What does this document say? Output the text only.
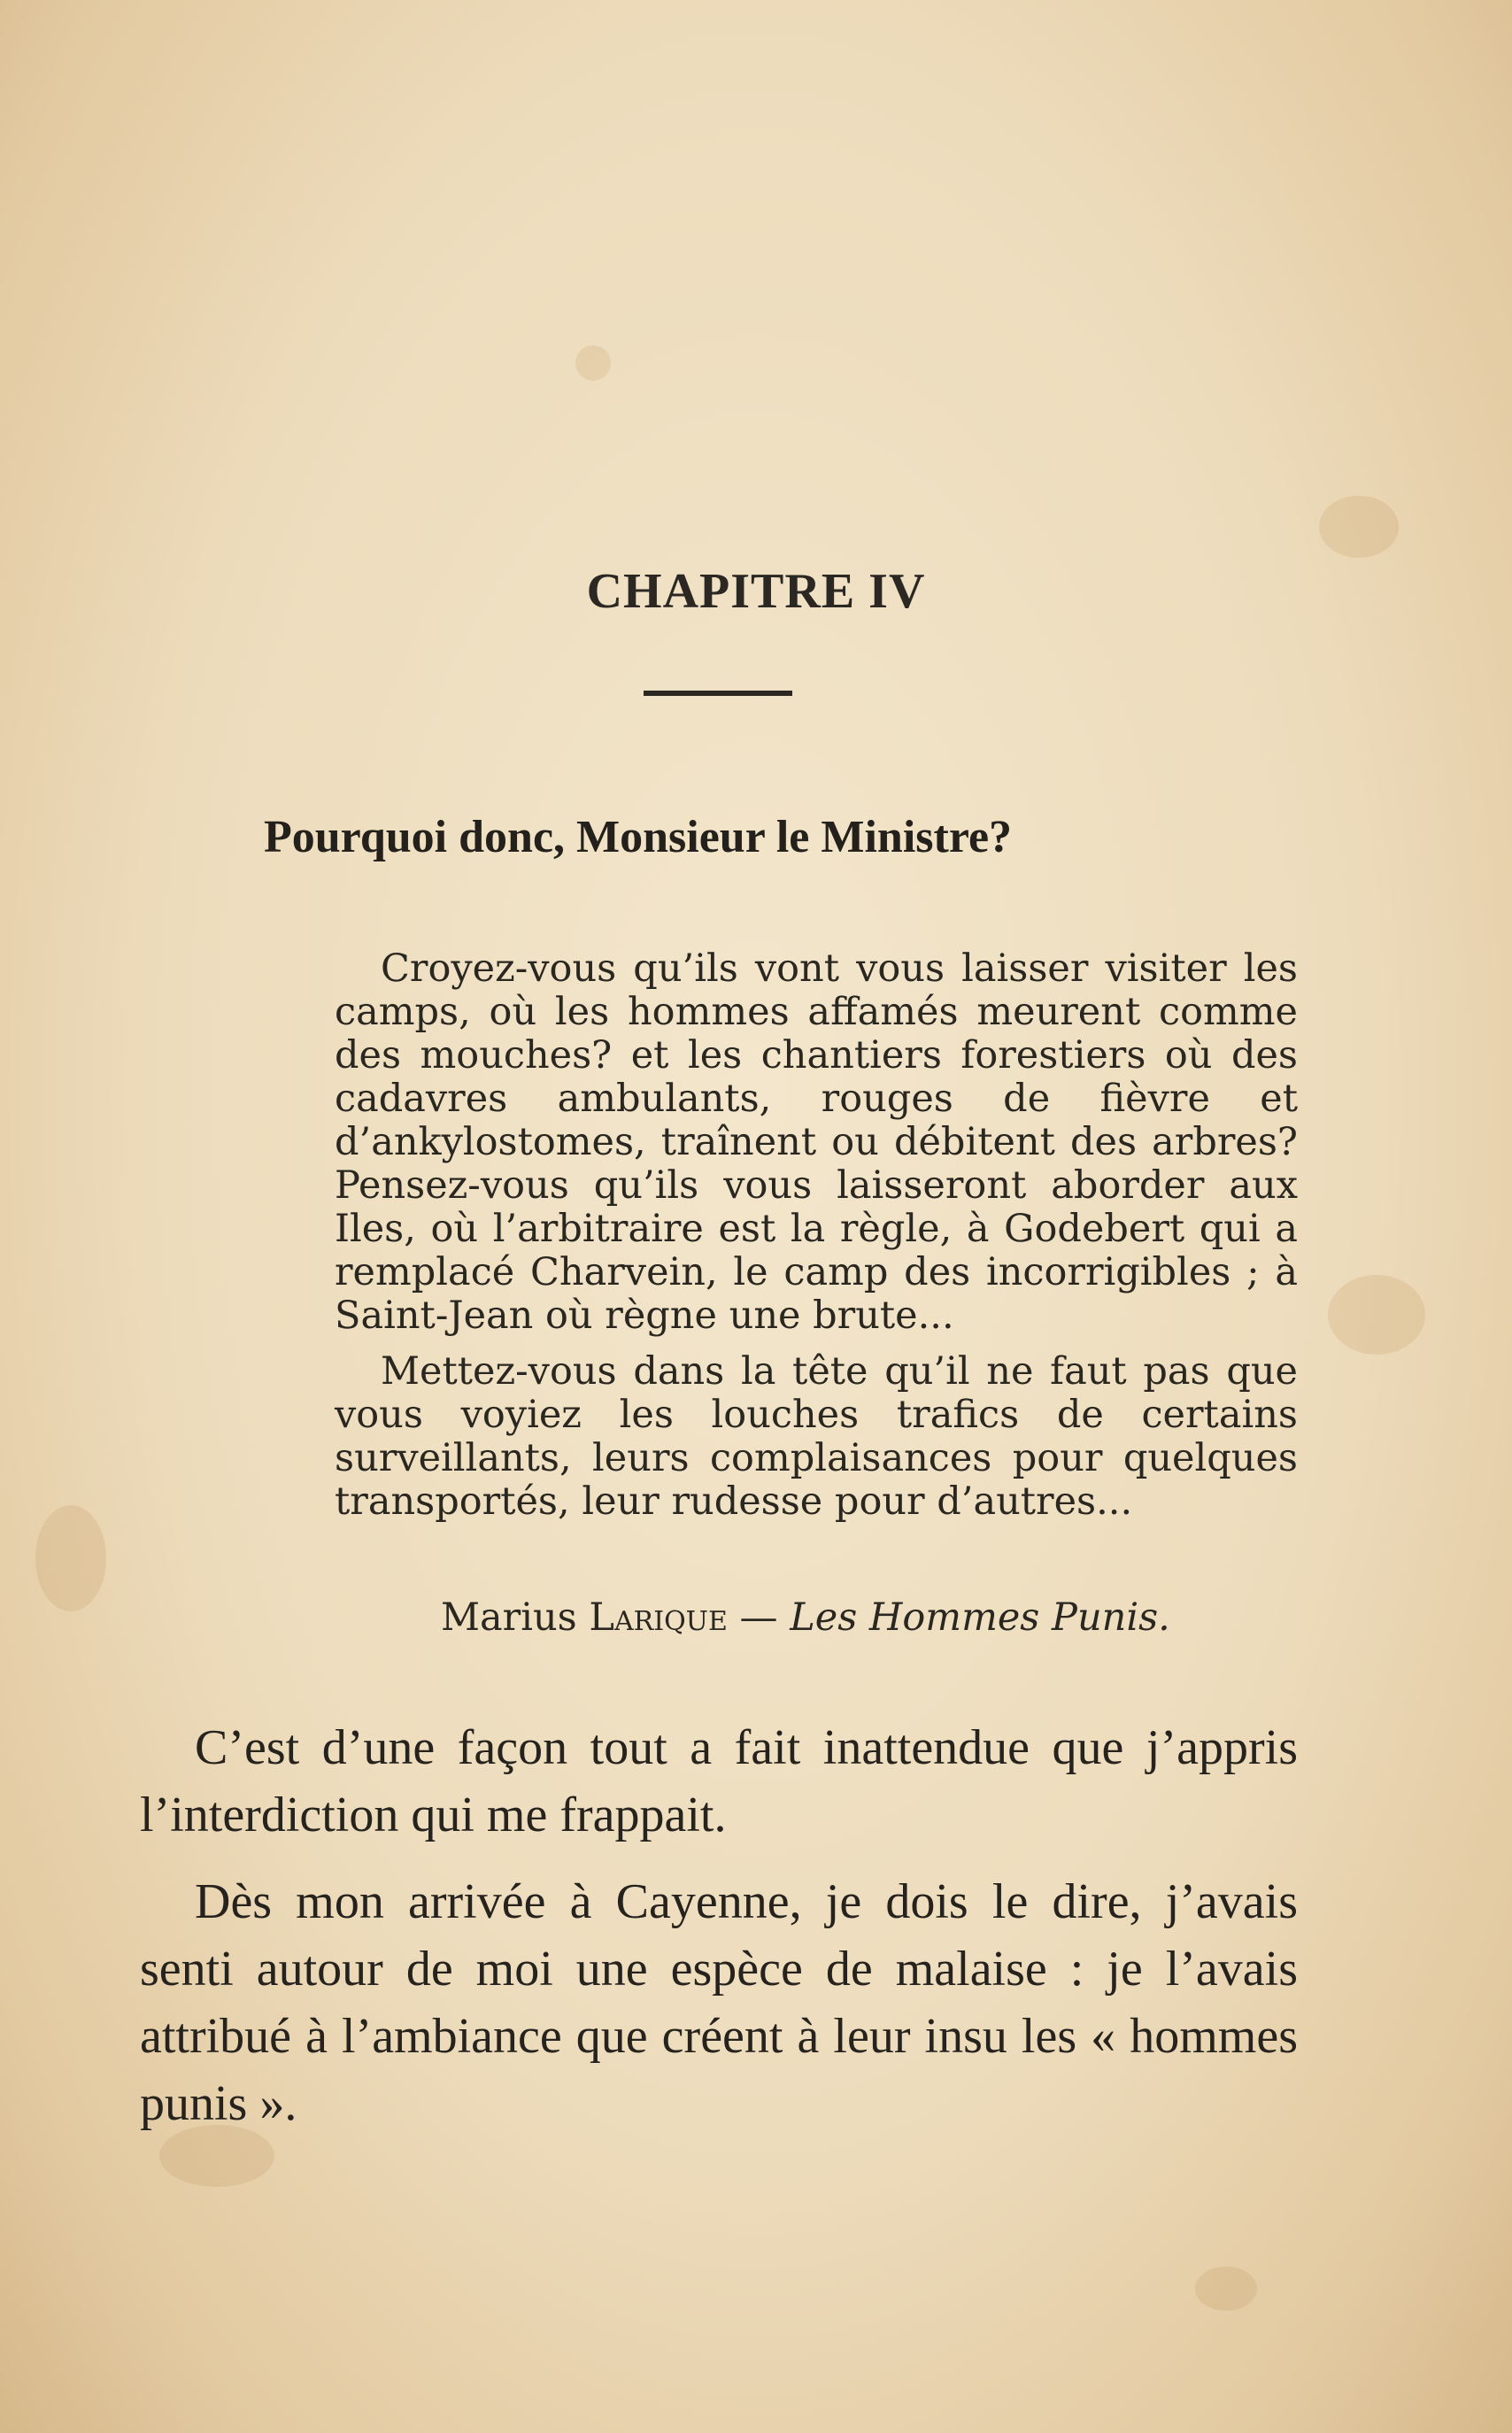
CHAPITRE IV
Pourquoi donc, Monsieur le Ministre?

Croyez-vous qu’ils vont vous laisser visiter les camps, où les hommes affamés meurent comme des mouches? et les chantiers forestiers où des cadavres ambulants, rouges de fièvre et d’ankylostomes, traînent ou débitent des arbres? Pensez-vous qu’ils vous laisseront aborder aux Iles, où l’arbitraire est la règle, à Godebert qui a remplacé Charvein, le camp des incorrigibles ; à Saint-Jean où règne une brute...

Mettez-vous dans la tête qu’il ne faut pas que vous voyiez les louches trafics de certains surveillants, leurs complaisances pour quelques transportés, leur rudesse pour d’autres...

Marius Larique — Les Hommes Punis.

C’est d’une façon tout a fait inattendue que j’appris l’interdiction qui me frappait.

Dès mon arrivée à Cayenne, je dois le dire, j’avais senti autour de moi une espèce de malaise : je l’avais attribué à l’ambiance que créent à leur insu les « hommes punis ».
